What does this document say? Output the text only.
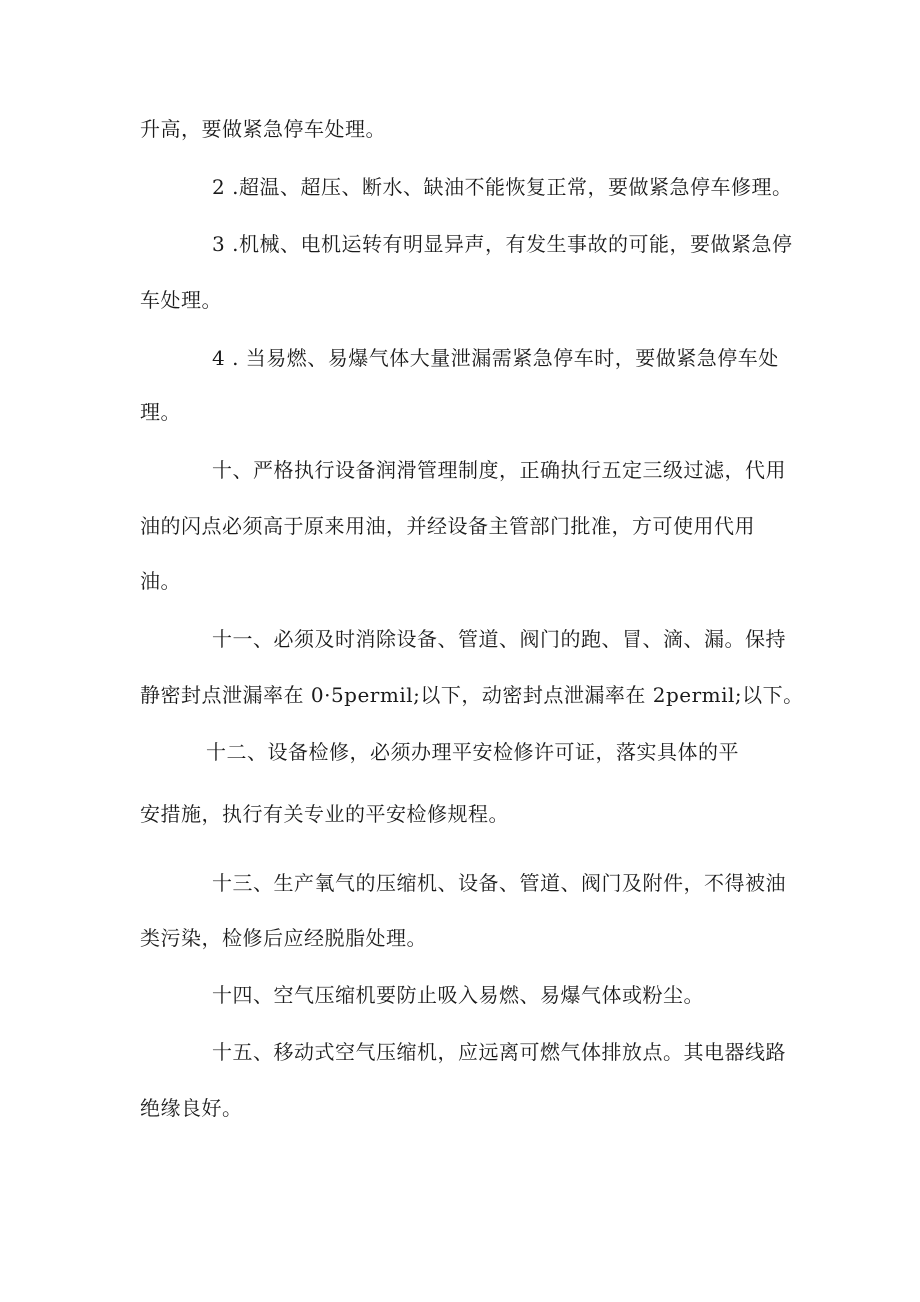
升高，要做紧急停车处理。
2 .超温、超压、断水、缺油不能恢复正常，要做紧急停车修理。
3 .机械、电机运转有明显异声，有发生事故的可能，要做紧急停
车处理。
4 . 当易燃、易爆气体大量泄漏需紧急停车时，要做紧急停车处
理。
十、严格执行设备润滑管理制度，正确执行五定三级过滤，代用
油的闪点必须高于原来用油，并经设备主管部门批准，方可使用代用
油。
十一、必须及时消除设备、管道、阀门的跑、冒、滴、漏。保持
静密封点泄漏率在 0·5permil;以下，动密封点泄漏率在 2permil;以下。
十二、设备检修，必须办理平安检修许可证，落实具体的平
安措施，执行有关专业的平安检修规程。
十三、生产氧气的压缩机、设备、管道、阀门及附件，不得被油
类污染，检修后应经脱脂处理。
十四、空气压缩机要防止吸入易燃、易爆气体或粉尘。
十五、移动式空气压缩机，应远离可燃气体排放点。其电器线路
绝缘良好。
